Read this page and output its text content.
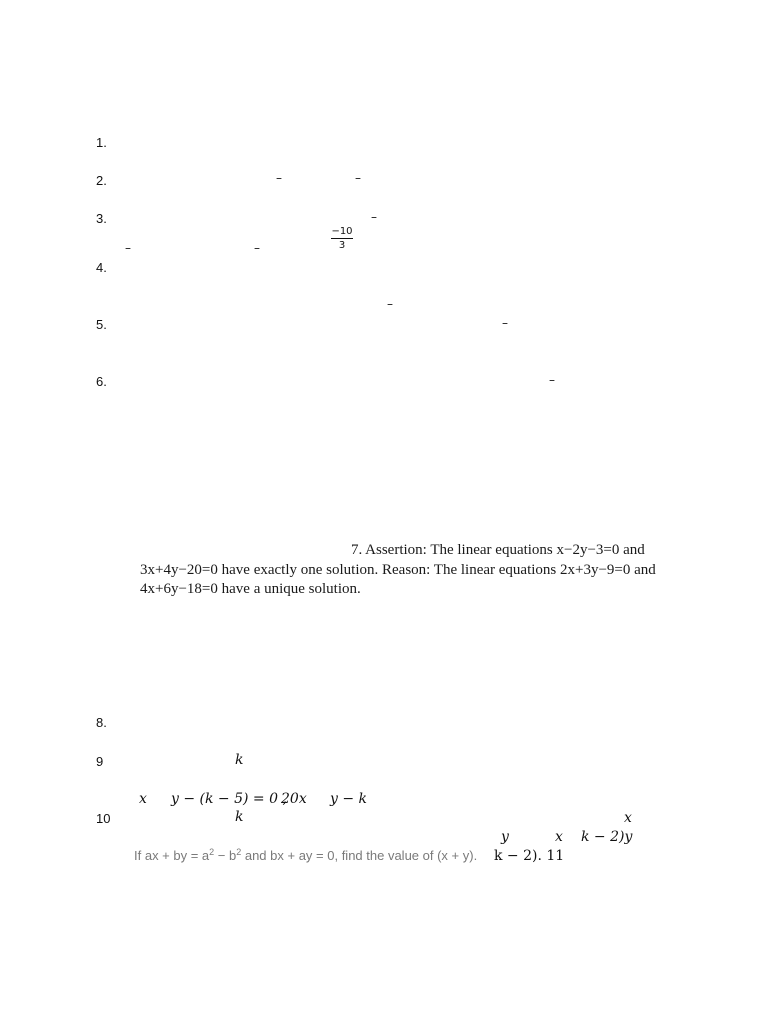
1.
2.	–	–
3.	–
−10
3
–	–
4.
–
5.	–
6.	–
7. Assertion: The linear equations x−2y−3=0 and
3x+4y−20=0 have exactly one solution. Reason: The linear equations 2x+3y−9=0 and
4x+6y−18=0 have a unique solution.
8.
9	k
x y − (k − 5) = 0 ,
20x y − k
10	k	x
y	x k − 2)y
If ax + by = $a^2 - b^2$ and bx + ay = 0, find the value of (x + y). k − 2). 11
